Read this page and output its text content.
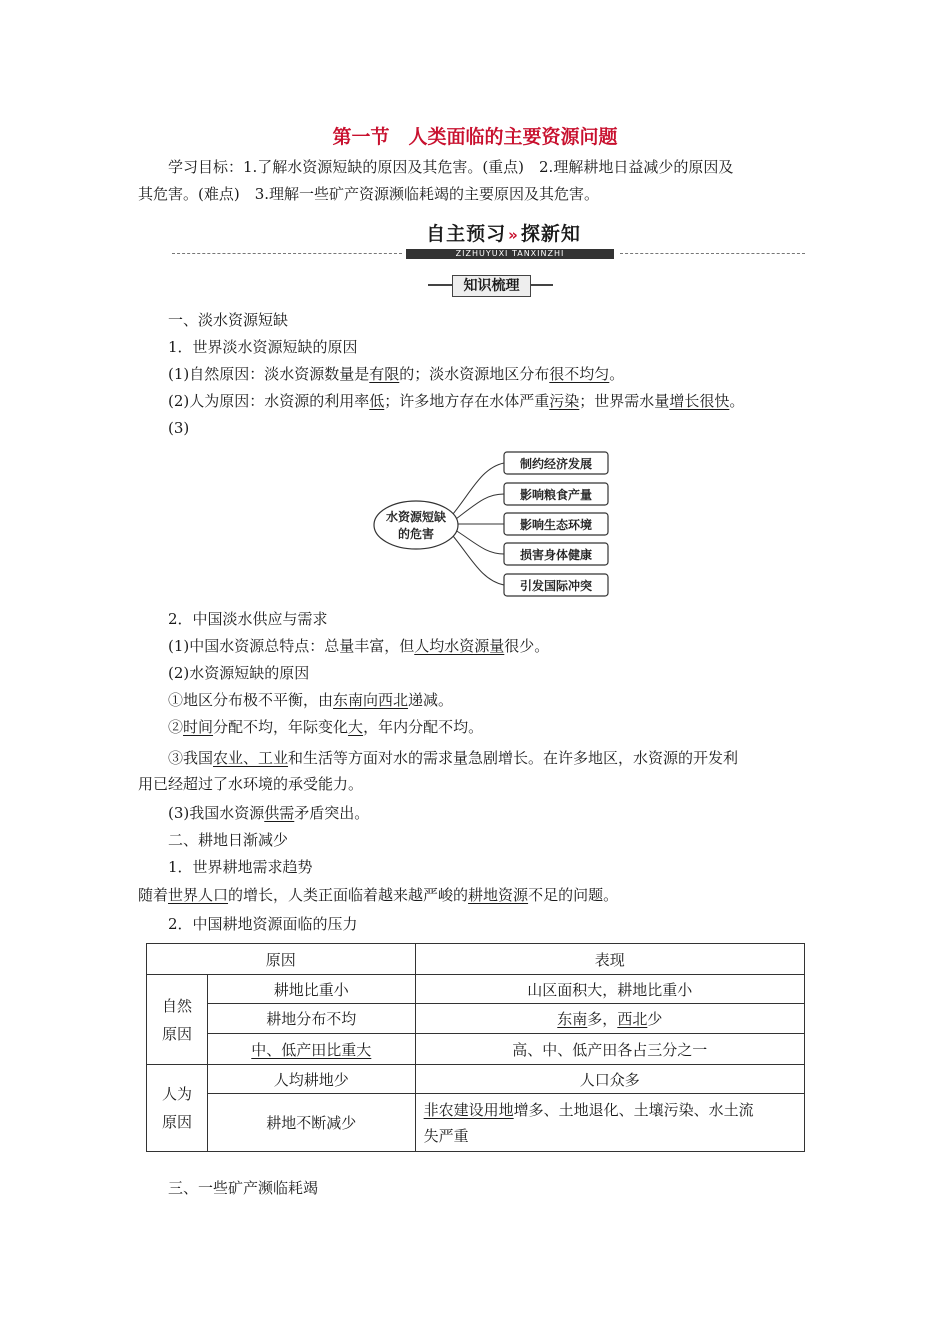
第一节　人类面临的主要资源问题
学习目标：1.了解水资源短缺的原因及其危害。(重点)　2.理解耕地日益减少的原因及
其危害。(难点)　3.理解一些矿产资源濒临耗竭的主要原因及其危害。
自主预习 » 探新知
ZIZHUYUXI TANXINZHI
知识梳理
一、淡水资源短缺
1．世界淡水资源短缺的原因
(1)自然原因：淡水资源数量是有限的；淡水资源地区分布很不均匀。
(2)人为原因：水资源的利用率低；许多地方存在水体严重污染；世界需水量增长很快。
(3)
水资源短缺
的危害
制约经济发展
影响粮食产量
影响生态环境
损害身体健康
引发国际冲突
2．中国淡水供应与需求
(1)中国水资源总特点：总量丰富，但人均水资源量很少。
(2)水资源短缺的原因
①地区分布极不平衡，由东南向西北递减。
②时间分配不均，年际变化大，年内分配不均。
③我国农业、工业和生活等方面对水的需求量急剧增长。在许多地区，水资源的开发利
用已经超过了水环境的承受能力。
(3)我国水资源供需矛盾突出。
二、耕地日渐减少
1．世界耕地需求趋势
随着世界人口的增长，人类正面临着越来越严峻的耕地资源不足的问题。
2．中国耕地资源面临的压力
原因		表现
自然
原因	耕地比重小	山区面积大，耕地比重小
	耕地分布不均	东南多，西北少
	中、低产田比重大	高、中、低产田各占三分之一
人为
原因	人均耕地少	人口众多
	耕地不断减少	非农建设用地增多、土地退化、土壤污染、水土流
失严重
三、一些矿产濒临耗竭
